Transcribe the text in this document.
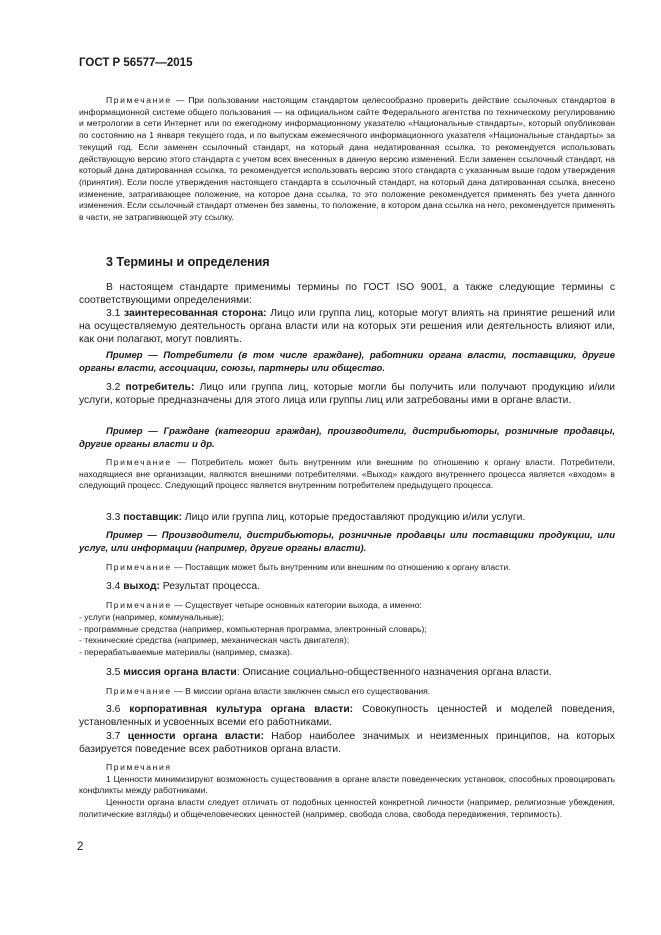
ГОСТ Р 56577—2015
Примечание — При пользовании настоящим стандартом целесообразно проверить действие ссылочных стандартов в информационной системе общего пользования — на официальном сайте Федерального агентства по техническому регулированию и метрологии в сети Интернет или по ежегодному информационному указателю «Национальные стандарты», который опубликован по состоянию на 1 января текущего года, и по выпускам ежемесячного информационного указателя «Национальные стандарты» за текущий год. Если заменен ссылочный стандарт, на который дана недатированная ссылка, то рекомендуется использовать действующую версию этого стандарта с учетом всех внесенных в данную версию изменений. Если заменен ссылочный стандарт, на который дана датированная ссылка, то рекомендуется использовать версию этого стандарта с указанным выше годом утверждения (принятия). Если после утверждения настоящего стандарта в ссылочный стандарт, на который дана датированная ссылка, внесено изменение, затрагивающее положение, на которое дана ссылка, то это положение рекомендуется применять без учета данного изменения. Если ссылочный стандарт отменен без замены, то положение, в котором дана ссылка на него, рекомендуется применять в части, не затрагивающей эту ссылку.
3 Термины и определения
В настоящем стандарте применимы термины по ГОСТ ISO 9001, а также следующие термины с соответствующими определениями:
3.1 заинтересованная сторона: Лицо или группа лиц, которые могут влиять на принятие решений или на осуществляемую деятельность органа власти или на которых эти решения или деятельность влияют или, как они полагают, могут повлиять.
Пример — Потребители (в том числе граждане), работники органа власти, поставщики, другие органы власти, ассоциации, союзы, партнеры или общество.
3.2 потребитель: Лицо или группа лиц, которые могли бы получить или получают продукцию и/или услуги, которые предназначены для этого лица или группы лиц или затребованы ими в органе власти.
Пример — Граждане (категории граждан), производители, дистрибьюторы, розничные продавцы, другие органы власти и др.
Примечание — Потребитель может быть внутренним или внешним по отношению к органу власти. Потребители, находящиеся вне организации, являются внешними потребителями. «Выход» каждого внутреннего процесса является «входом» в следующий процесс. Следующий процесс является внутренним потребителем предыдущего процесса.
3.3 поставщик: Лицо или группа лиц, которые предоставляют продукцию и/или услуги.
Пример — Производители, дистрибьюторы, розничные продавцы или поставщики продукции, или услуг, или информации (например, другие органы власти).
Примечание — Поставщик может быть внутренним или внешним по отношению к органу власти.
3.4 выход: Результат процесса.
Примечание — Существует четыре основных категории выхода, а именно:

- услуги (например, коммунальные);

- программные средства (например, компьютерная программа, электронный словарь);

- технические средства (например, механическая часть двигателя);

- перерабатываемые материалы (например, смазка).

3.5 миссия органа власти: Описание социально-общественного назначения органа власти.
Примечание — В миссии органа власти заключен смысл его существования.
3.6 корпоративная культура органа власти: Совокупность ценностей и моделей поведения, установленных и усвоенных всеми его работниками.
3.7 ценности органа власти: Набор наиболее значимых и неизменных принципов, на которых базируется поведение всех работников органа власти.

Примечания

1 Ценности минимизируют возможность существования в органе власти поведенческих установок, способных провоцировать конфликты между работниками.

Ценности органа власти следует отличать от подобных ценностей конкретной личности (например, религиозные убеждения, политические взгляды) и общечеловеческих ценностей (например, свобода слова, свобода передвижения, терпимость).

2
